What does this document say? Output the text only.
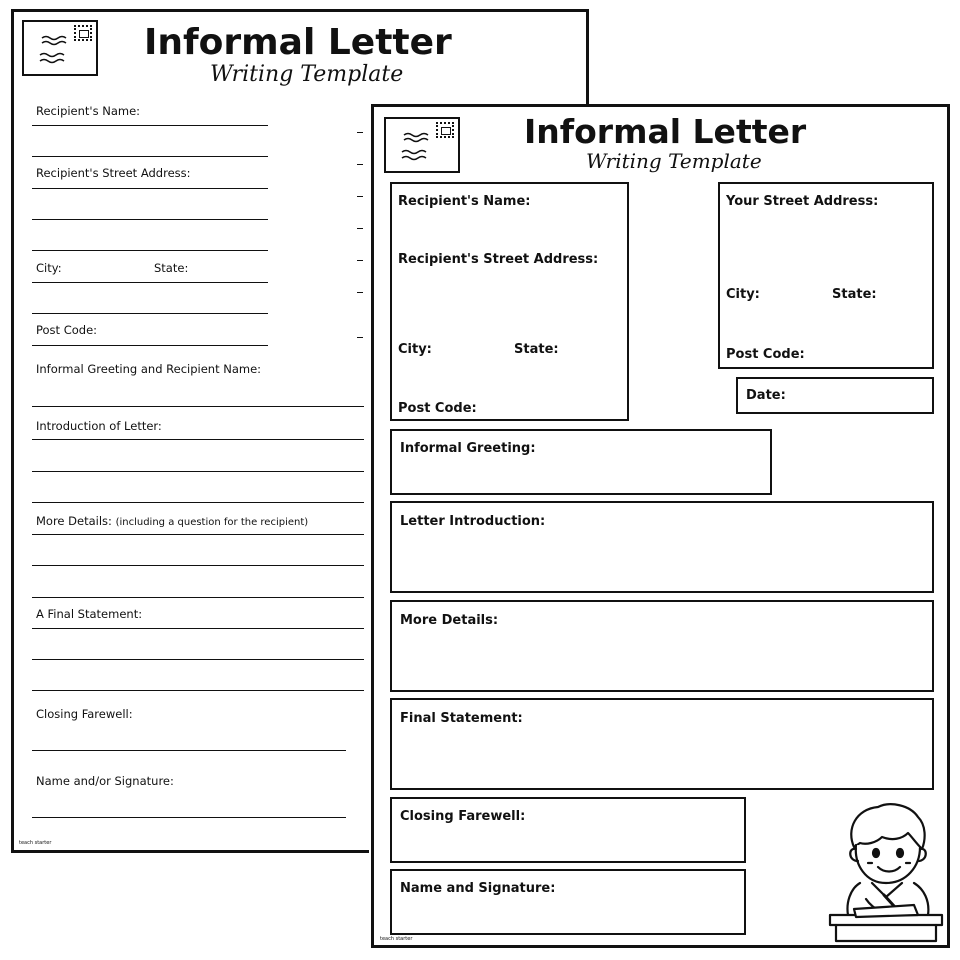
Informal Letter
Writing Template
Recipient's Name:
Recipient's Street Address:
City:	State:
Post Code:
Informal Greeting and Recipient Name:
Introduction of Letter:
More Details: (including a question for the recipient)
A Final Statement:
Closing Farewell:
Name and/or Signature:
teach starter
Informal Letter
Writing Template
Recipient's Name:
Recipient's Street Address:
City:	State:
Post Code:
Your Street Address:
City:	State:
Post Code:
Date:
Informal Greeting:
Letter Introduction:
More Details:
Final Statement:
Closing Farewell:
Name and Signature:
teach starter
